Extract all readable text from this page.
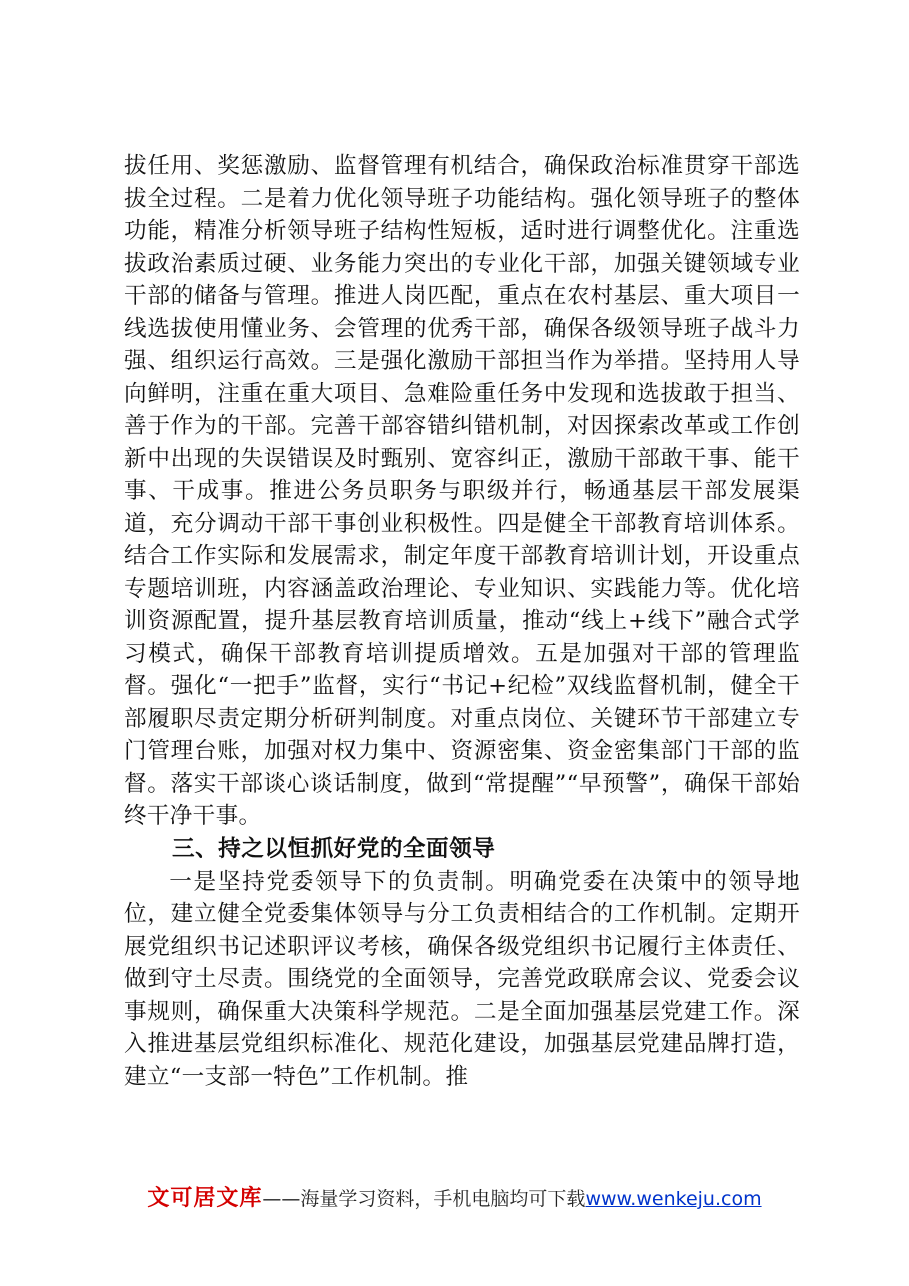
拔任用、奖惩激励、监督管理有机结合，确保政治标准贯穿干部选拔全过程。二是着力优化领导班子功能结构。强化领导班子的整体功能，精准分析领导班子结构性短板，适时进行调整优化。注重选拔政治素质过硬、业务能力突出的专业化干部，加强关键领域专业干部的储备与管理。推进人岗匹配，重点在农村基层、重大项目一线选拔使用懂业务、会管理的优秀干部，确保各级领导班子战斗力强、组织运行高效。三是强化激励干部担当作为举措。坚持用人导向鲜明，注重在重大项目、急难险重任务中发现和选拔敢于担当、善于作为的干部。完善干部容错纠错机制，对因探索改革或工作创新中出现的失误错误及时甄别、宽容纠正，激励干部敢干事、能干事、干成事。推进公务员职务与职级并行，畅通基层干部发展渠道，充分调动干部干事创业积极性。四是健全干部教育培训体系。结合工作实际和发展需求，制定年度干部教育培训计划，开设重点专题培训班，内容涵盖政治理论、专业知识、实践能力等。优化培训资源配置，提升基层教育培训质量，推动“线上+线下”融合式学习模式，确保干部教育培训提质增效。五是加强对干部的管理监督。强化“一把手”监督，实行“书记+纪检”双线监督机制，健全干部履职尽责定期分析研判制度。对重点岗位、关键环节干部建立专门管理台账，加强对权力集中、资源密集、资金密集部门干部的监督。落实干部谈心谈话制度，做到“常提醒”“早预警”，确保干部始终干净干事。

三、持之以恒抓好党的全面领导

一是坚持党委领导下的负责制。明确党委在决策中的领导地位，建立健全党委集体领导与分工负责相结合的工作机制。定期开展党组织书记述职评议考核，确保各级党组织书记履行主体责任、做到守土尽责。围绕党的全面领导，完善党政联席会议、党委会议事规则，确保重大决策科学规范。二是全面加强基层党建工作。深入推进基层党组织标准化、规范化建设，加强基层党建品牌打造，建立“一支部一特色”工作机制。推

文可居文库——海量学习资料，手机电脑均可下载www.wenkeju.com
